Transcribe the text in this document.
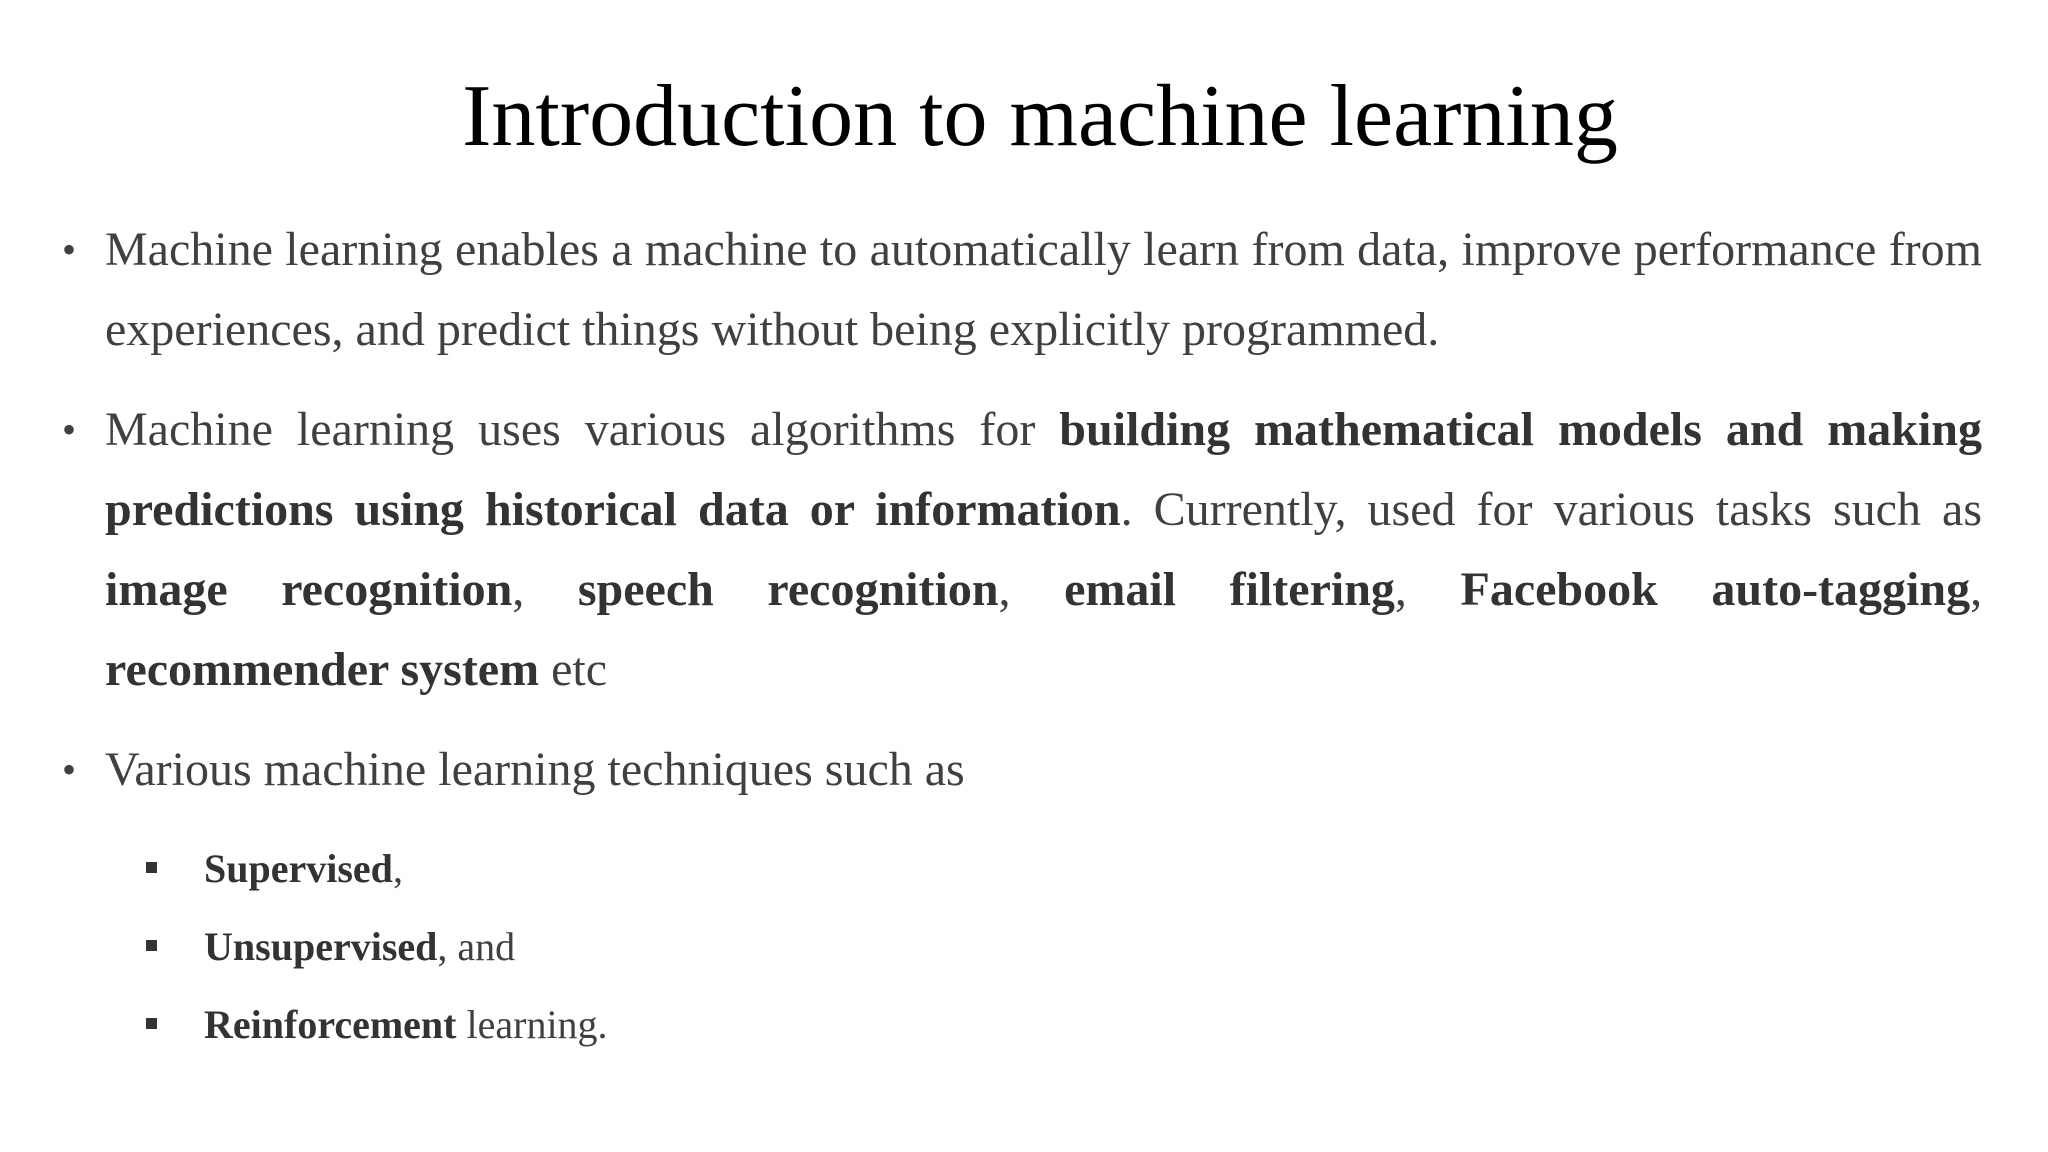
Introduction to machine learning
• Machine learning enables a machine to automatically learn from data, improve performance from experiences, and predict things without being explicitly programmed.
• Machine learning uses various algorithms for building mathematical models and making predictions using historical data or information. Currently, used for various tasks such as image recognition, speech recognition, email filtering, Facebook auto-tagging, recommender system etc
• Various machine learning techniques such as
Supervised,
Unsupervised, and
Reinforcement learning.
